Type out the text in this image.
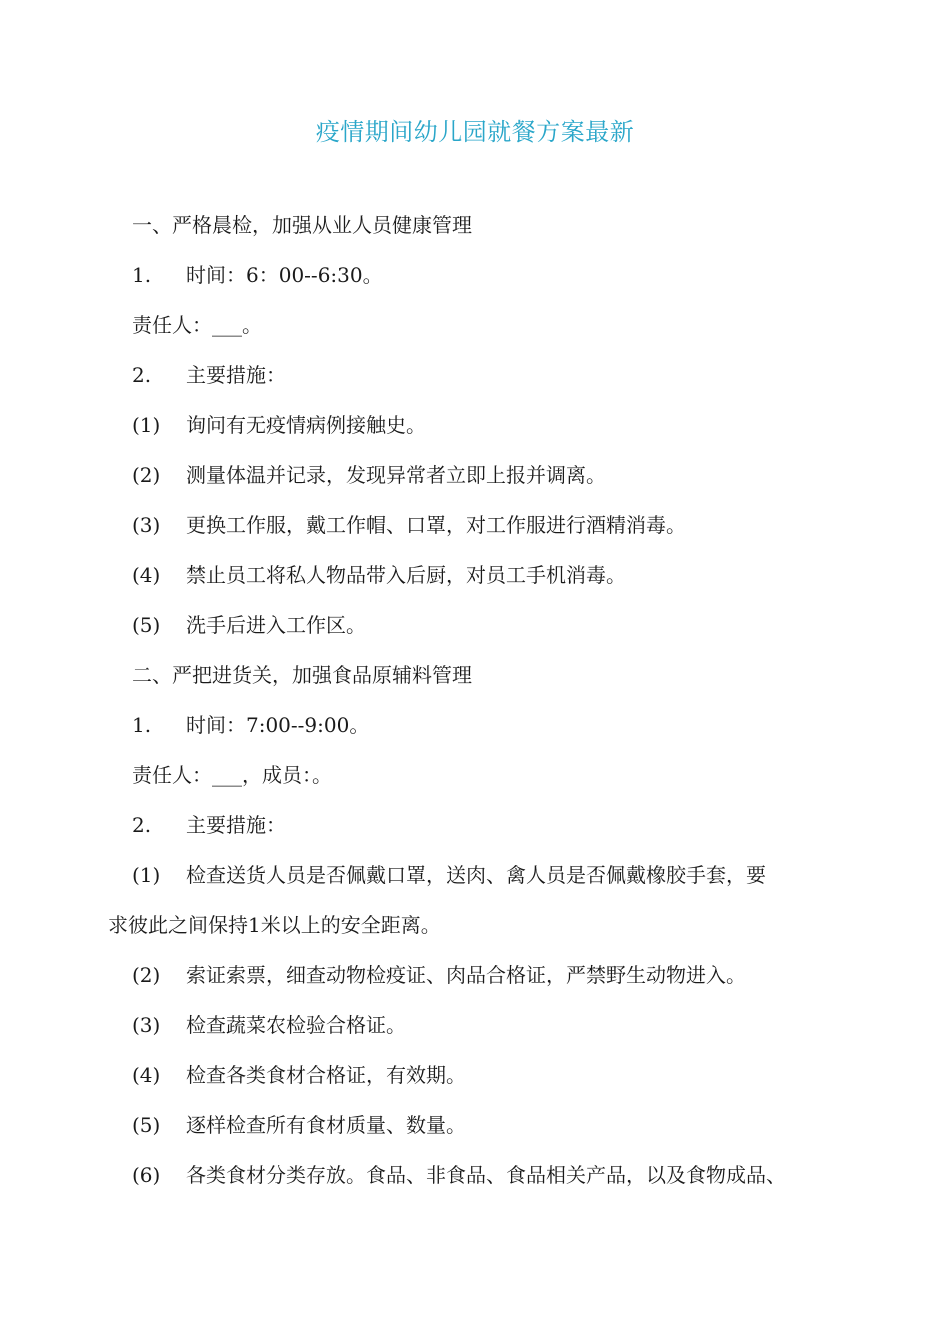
疫情期间幼儿园就餐方案最新
一、严格晨检，加强从业人员健康管理
1. 时间：6：00--6:30。
责任人：___。
2. 主要措施：
(1) 询问有无疫情病例接触史。
(2) 测量体温并记录，发现异常者立即上报并调离。
(3) 更换工作服，戴工作帽、口罩，对工作服进行酒精消毒。
(4) 禁止员工将私人物品带入后厨，对员工手机消毒。
(5) 洗手后进入工作区。
二、严把进货关，加强食品原辅料管理
1. 时间：7:00--9:00。
责任人：___，成员：。
2. 主要措施：
(1) 检查送货人员是否佩戴口罩，送肉、禽人员是否佩戴橡胶手套，要
求彼此之间保持1米以上的安全距离。
(2) 索证索票，细查动物检疫证、肉品合格证，严禁野生动物进入。
(3) 检查蔬菜农检验合格证。
(4) 检查各类食材合格证，有效期。
(5) 逐样检查所有食材质量、数量。
(6) 各类食材分类存放。食品、非食品、食品相关产品，以及食物成品、
